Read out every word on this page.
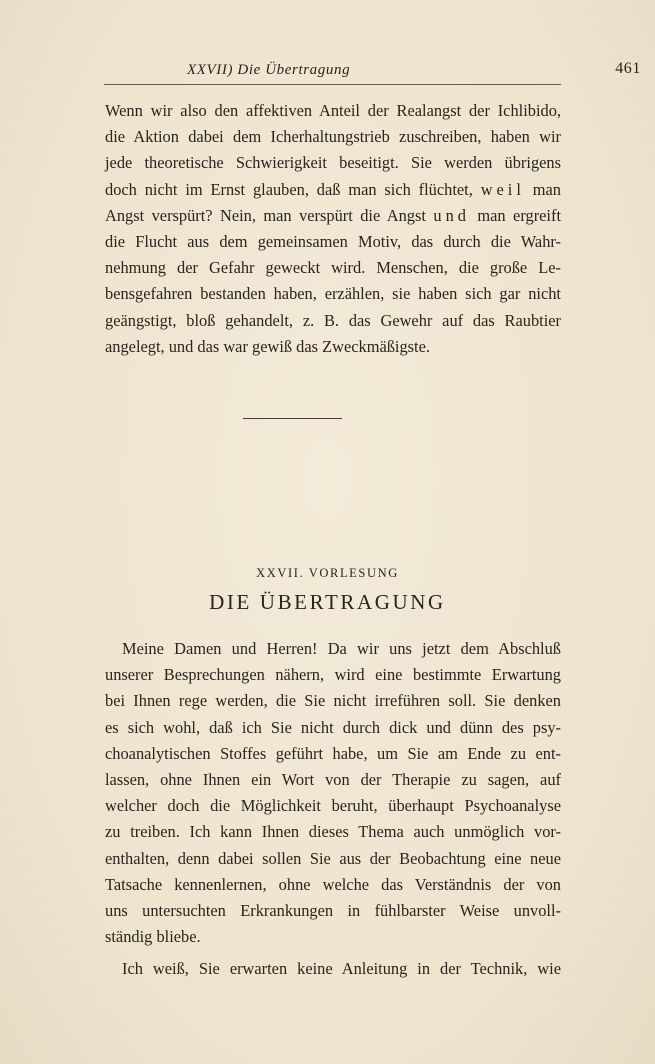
XXVII) Die Übertragung	461
Wenn wir also den affektiven Anteil der Realangst der Ichlibido,
die Aktion dabei dem Icherhaltungstrieb zuschreiben, haben wir
jede theoretische Schwierigkeit beseitigt. Sie werden übrigens
doch nicht im Ernst glauben, daß man sich flüchtet, weil man
Angst verspürt? Nein, man verspürt die Angst und man ergreift
die Flucht aus dem gemeinsamen Motiv, das durch die Wahr-
nehmung der Gefahr geweckt wird. Menschen, die große Le-
bensgefahren bestanden haben, erzählen, sie haben sich gar nicht
geängstigt, bloß gehandelt, z. B. das Gewehr auf das Raubtier
angelegt, und das war gewiß das Zweckmäßigste.
XXVII. VORLESUNG
DIE ÜBERTRAGUNG
Meine Damen und Herren! Da wir uns jetzt dem Abschluß
unserer Besprechungen nähern, wird eine bestimmte Erwartung
bei Ihnen rege werden, die Sie nicht irreführen soll. Sie denken
es sich wohl, daß ich Sie nicht durch dick und dünn des psy-
choanalytischen Stoffes geführt habe, um Sie am Ende zu ent-
lassen, ohne Ihnen ein Wort von der Therapie zu sagen, auf
welcher doch die Möglichkeit beruht, überhaupt Psychoanalyse
zu treiben. Ich kann Ihnen dieses Thema auch unmöglich vor-
enthalten, denn dabei sollen Sie aus der Beobachtung eine neue
Tatsache kennenlernen, ohne welche das Verständnis der von
uns untersuchten Erkrankungen in fühlbarster Weise unvoll-
ständig bliebe.
Ich weiß, Sie erwarten keine Anleitung in der Technik, wie
